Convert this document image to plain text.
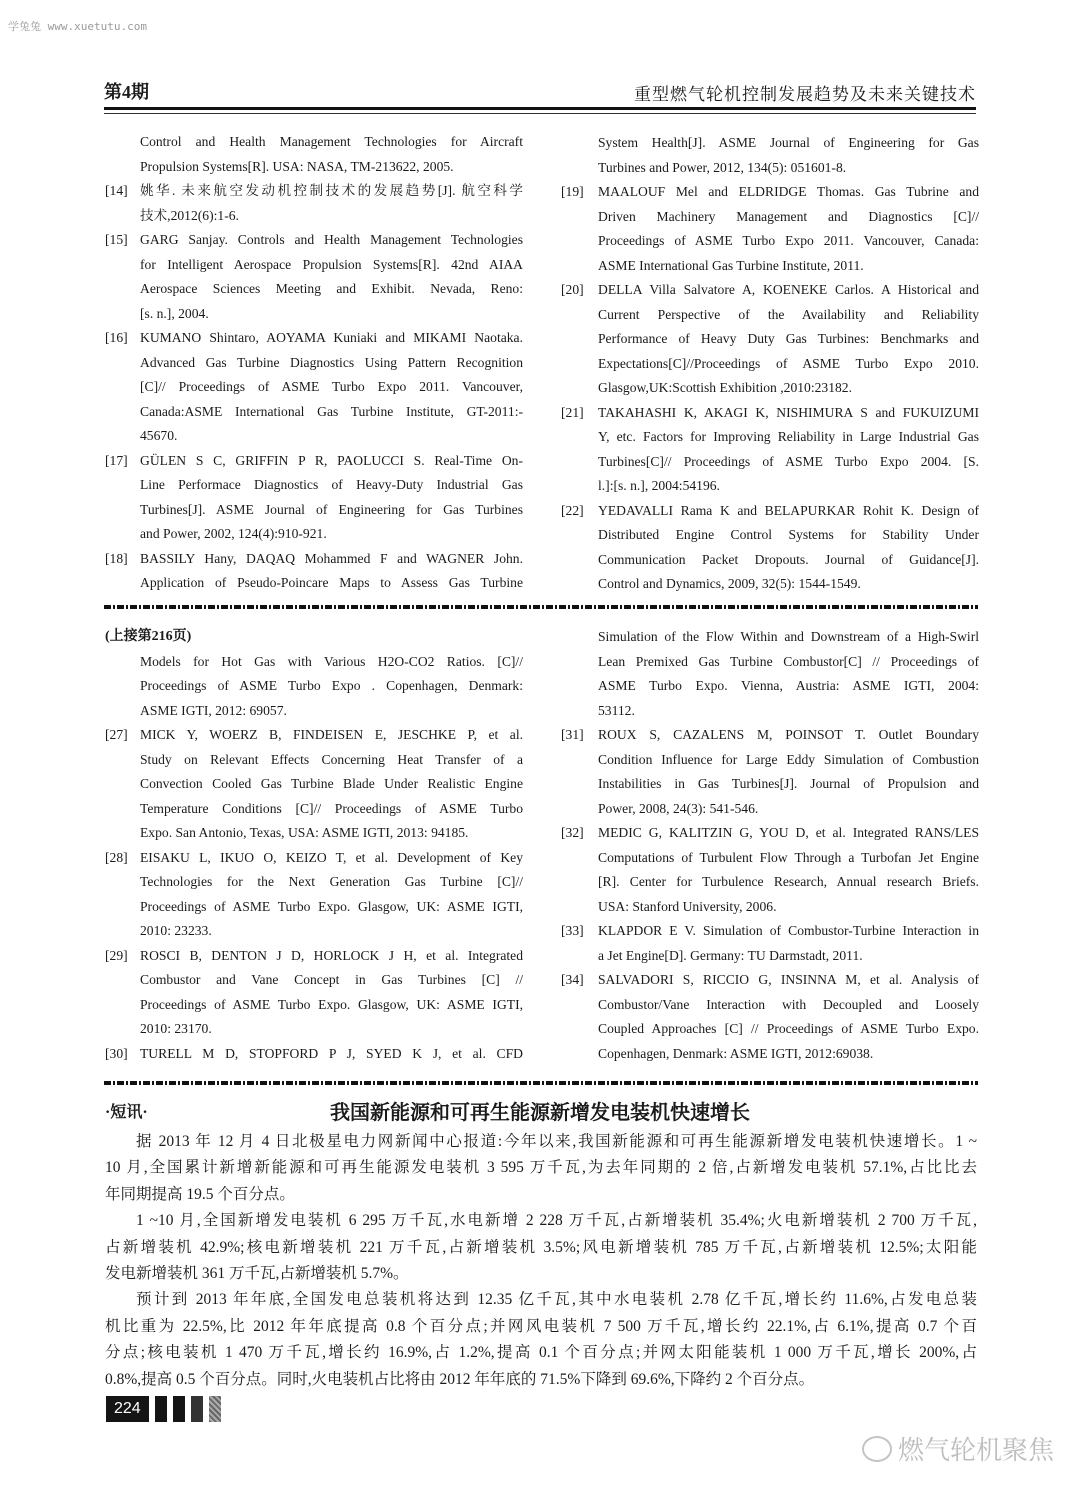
学兔兔 www.xuetutu.com
第4期	重型燃气轮机控制发展趋势及未来关键技术
Control and Health Management Technologies for Aircraft
Propulsion Systems[R]. USA: NASA, TM-213622, 2005.
[14] 姚华. 未来航空发动机控制技术的发展趋势[J]. 航空科学
技术,2012(6):1-6.
[15] GARG Sanjay. Controls and Health Management Technologies
for Intelligent Aerospace Propulsion Systems[R]. 42nd AIAA
Aerospace Sciences Meeting and Exhibit. Nevada, Reno:
[s. n.], 2004.
[16] KUMANO Shintaro, AOYAMA Kuniaki and MIKAMI Naotaka.
Advanced Gas Turbine Diagnostics Using Pattern Recognition
[C]// Proceedings of ASME Turbo Expo 2011. Vancouver,
Canada:ASME International Gas Turbine Institute, GT-2011:-
45670.
[17] GÜLEN S C, GRIFFIN P R, PAOLUCCI S. Real-Time On-
Line Performace Diagnostics of Heavy-Duty Industrial Gas
Turbines[J]. ASME Journal of Engineering for Gas Turbines
and Power, 2002, 124(4):910-921.
[18] BASSILY Hany, DAQAQ Mohammed F and WAGNER John.
Application of Pseudo-Poincare Maps to Assess Gas Turbine
System Health[J]. ASME Journal of Engineering for Gas
Turbines and Power, 2012, 134(5): 051601-8.
[19] MAALOUF Mel and ELDRIDGE Thomas. Gas Tubrine and
Driven Machinery Management and Diagnostics [C]//
Proceedings of ASME Turbo Expo 2011. Vancouver, Canada:
ASME International Gas Turbine Institute, 2011.
[20] DELLA Villa Salvatore A, KOENEKE Carlos. A Historical and
Current Perspective of the Availability and Reliability
Performance of Heavy Duty Gas Turbines: Benchmarks and
Expectations[C]//Proceedings of ASME Turbo Expo 2010.
Glasgow,UK:Scottish Exhibition ,2010:23182.
[21] TAKAHASHI K, AKAGI K, NISHIMURA S and FUKUIZUMI
Y, etc. Factors for Improving Reliability in Large Industrial Gas
Turbines[C]// Proceedings of ASME Turbo Expo 2004. [S.
l.]:[s. n.], 2004:54196.
[22] YEDAVALLI Rama K and BELAPURKAR Rohit K. Design of
Distributed Engine Control Systems for Stability Under
Communication Packet Dropouts. Journal of Guidance[J].
Control and Dynamics, 2009, 32(5): 1544-1549.
(上接第216页)
Models for Hot Gas with Various H2O-CO2 Ratios. [C]//
Proceedings of ASME Turbo Expo . Copenhagen, Denmark:
ASME IGTI, 2012: 69057.
[27] MICK Y, WOERZ B, FINDEISEN E, JESCHKE P, et al.
Study on Relevant Effects Concerning Heat Transfer of a
Convection Cooled Gas Turbine Blade Under Realistic Engine
Temperature Conditions [C]// Proceedings of ASME Turbo
Expo. San Antonio, Texas, USA: ASME IGTI, 2013: 94185.
[28] EISAKU L, IKUO O, KEIZO T, et al. Development of Key
Technologies for the Next Generation Gas Turbine [C]//
Proceedings of ASME Turbo Expo. Glasgow, UK: ASME IGTI,
2010: 23233.
[29] ROSCI B, DENTON J D, HORLOCK J H, et al. Integrated
Combustor and Vane Concept in Gas Turbines [C] //
Proceedings of ASME Turbo Expo. Glasgow, UK: ASME IGTI,
2010: 23170.
[30] TURELL M D, STOPFORD P J, SYED K J, et al. CFD
Simulation of the Flow Within and Downstream of a High-Swirl
Lean Premixed Gas Turbine Combustor[C] // Proceedings of
ASME Turbo Expo. Vienna, Austria: ASME IGTI, 2004:
53112.
[31] ROUX S, CAZALENS M, POINSOT T. Outlet Boundary
Condition Influence for Large Eddy Simulation of Combustion
Instabilities in Gas Turbines[J]. Journal of Propulsion and
Power, 2008, 24(3): 541-546.
[32] MEDIC G, KALITZIN G, YOU D, et al. Integrated RANS/LES
Computations of Turbulent Flow Through a Turbofan Jet Engine
[R]. Center for Turbulence Research, Annual research Briefs.
USA: Stanford University, 2006.
[33] KLAPDOR E V. Simulation of Combustor-Turbine Interaction in
a Jet Engine[D]. Germany: TU Darmstadt, 2011.
[34] SALVADORI S, RICCIO G, INSINNA M, et al. Analysis of
Combustor/Vane Interaction with Decoupled and Loosely
Coupled Approaches [C] // Proceedings of ASME Turbo Expo.
Copenhagen, Denmark: ASME IGTI, 2012:69038.
·短讯·	我国新能源和可再生能源新增发电装机快速增长
据 2013 年 12 月 4 日北极星电力网新闻中心报道:今年以来,我国新能源和可再生能源新增发电装机快速增长。1 ~
10 月,全国累计新增新能源和可再生能源发电装机 3 595 万千瓦,为去年同期的 2 倍,占新增发电装机 57.1%,占比比去
年同期提高 19.5 个百分点。
1 ~10 月,全国新增发电装机 6 295 万千瓦,水电新增 2 228 万千瓦,占新增装机 35.4%;火电新增装机 2 700 万千瓦,
占新增装机 42.9%;核电新增装机 221 万千瓦,占新增装机 3.5%;风电新增装机 785 万千瓦,占新增装机 12.5%;太阳能
发电新增装机 361 万千瓦,占新增装机 5.7%。
预计到 2013 年年底,全国发电总装机将达到 12.35 亿千瓦,其中水电装机 2.78 亿千瓦,增长约 11.6%,占发电总装
机比重为 22.5%,比 2012 年年底提高 0.8 个百分点;并网风电装机 7 500 万千瓦,增长约 22.1%,占 6.1%,提高 0.7 个百
分点;核电装机 1 470 万千瓦,增长约 16.9%,占 1.2%,提高 0.1 个百分点;并网太阳能装机 1 000 万千瓦,增长 200%,占
0.8%,提高 0.5 个百分点。同时,火电装机占比将由 2012 年年底的 71.5%下降到 69.6%,下降约 2 个百分点。
224
燃气轮机聚焦
